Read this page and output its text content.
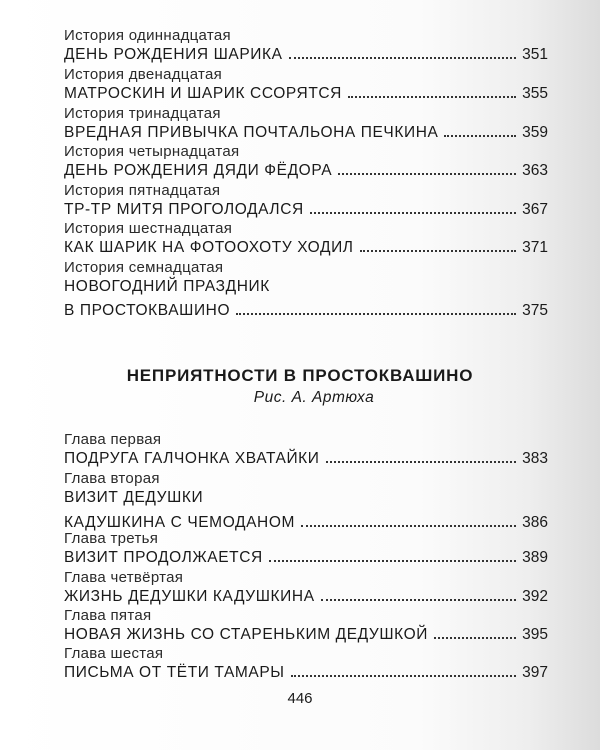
История одиннадцатая
ДЕНЬ РОЖДЕНИЯ ШАРИКА	351
История двенадцатая
МАТРОСКИН И ШАРИК ССОРЯТСЯ	355
История тринадцатая
ВРЕДНАЯ ПРИВЫЧКА ПОЧТАЛЬОНА ПЕЧКИНА	359
История четырнадцатая
ДЕНЬ РОЖДЕНИЯ ДЯДИ ФЁДОРА	363
История пятнадцатая
ТР-ТР МИТЯ ПРОГОЛОДАЛСЯ	367
История шестнадцатая
КАК ШАРИК НА ФОТООХОТУ ХОДИЛ	371
История семнадцатая
НОВОГОДНИЙ ПРАЗДНИК
В ПРОСТОКВАШИНО	375
НЕПРИЯТНОСТИ В ПРОСТОКВАШИНО
Рис. А. Артюха
Глава первая
ПОДРУГА ГАЛЧОНКА ХВАТАЙКИ	383
Глава вторая
ВИЗИТ ДЕДУШКИ
КАДУШКИНА С ЧЕМОДАНОМ	386
Глава третья
ВИЗИТ ПРОДОЛЖАЕТСЯ	389
Глава четвёртая
ЖИЗНЬ ДЕДУШКИ КАДУШКИНА	392
Глава пятая
НОВАЯ ЖИЗНЬ СО СТАРЕНЬКИМ ДЕДУШКОЙ	395
Глава шестая
ПИСЬМА ОТ ТЁТИ ТАМАРЫ	397
446
